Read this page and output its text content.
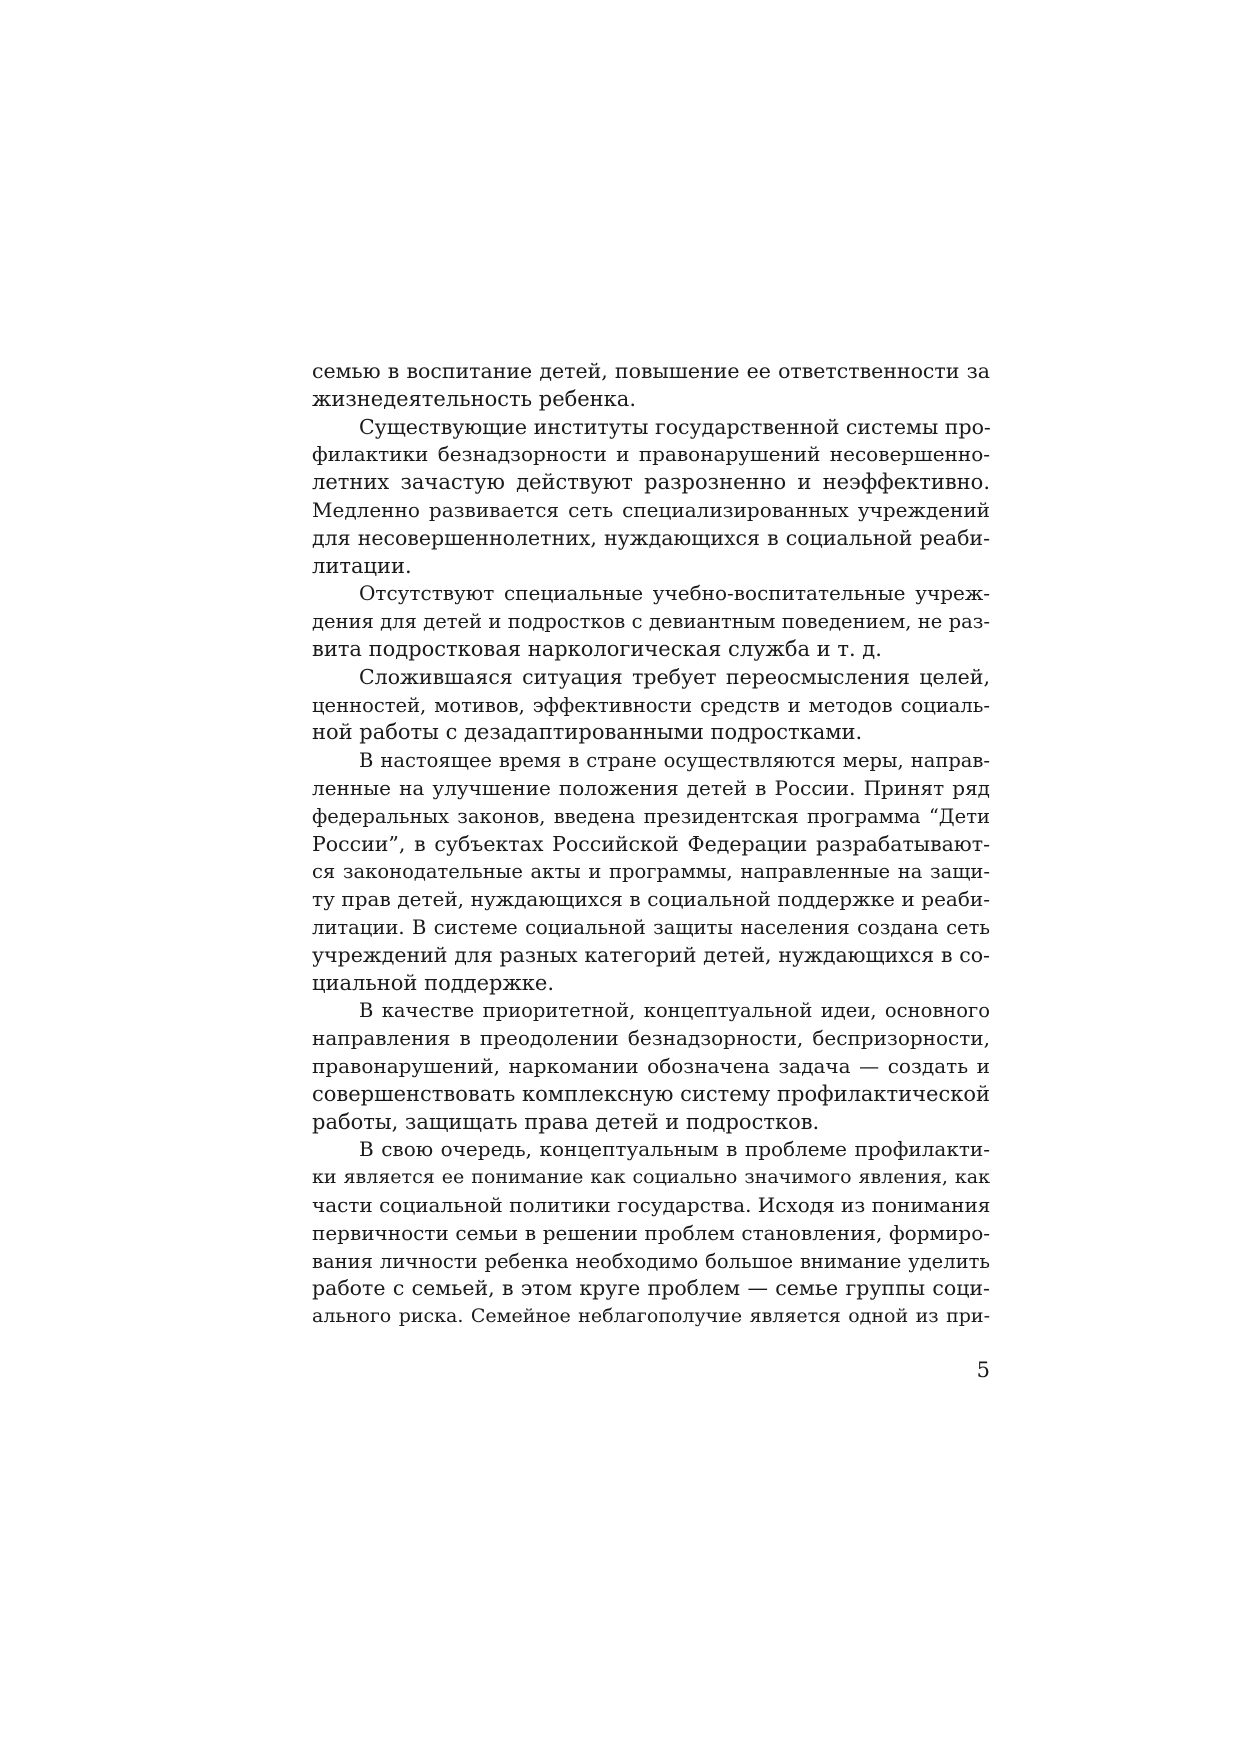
семью в воспитание детей, повышение ее ответственности за
жизнедеятельность ребенка.
Существующие институты государственной системы про-
филактики безнадзорности и правонарушений несовершенно-
летних зачастую действуют разрозненно и неэффективно.
Медленно развивается сеть специализированных учреждений
для несовершеннолетних, нуждающихся в социальной реаби-
литации.
Отсутствуют специальные учебно-воспитательные учреж-
дения для детей и подростков с девиантным поведением, не раз-
вита подростковая наркологическая служба и т. д.
Сложившаяся ситуация требует переосмысления целей,
ценностей, мотивов, эффективности средств и методов социаль-
ной работы с дезадаптированными подростками.
В настоящее время в стране осуществляются меры, направ-
ленные на улучшение положения детей в России. Принят ряд
федеральных законов, введена президентская программа “Дети
России”, в субъектах Российской Федерации разрабатывают-
ся законодательные акты и программы, направленные на защи-
ту прав детей, нуждающихся в социальной поддержке и реаби-
литации. В системе социальной защиты населения создана сеть
учреждений для разных категорий детей, нуждающихся в со-
циальной поддержке.
В качестве приоритетной, концептуальной идеи, основного
направления в преодолении безнадзорности, беспризорности,
правонарушений, наркомании обозначена задача — создать и
совершенствовать комплексную систему профилактической
работы, защищать права детей и подростков.
В свою очередь, концептуальным в проблеме профилакти-
ки является ее понимание как социально значимого явления, как
части социальной политики государства. Исходя из понимания
первичности семьи в решении проблем становления, формиро-
вания личности ребенка необходимо большое внимание уделить
работе с семьей, в этом круге проблем — семье группы соци-
ального риска. Семейное неблагополучие является одной из при-
5
